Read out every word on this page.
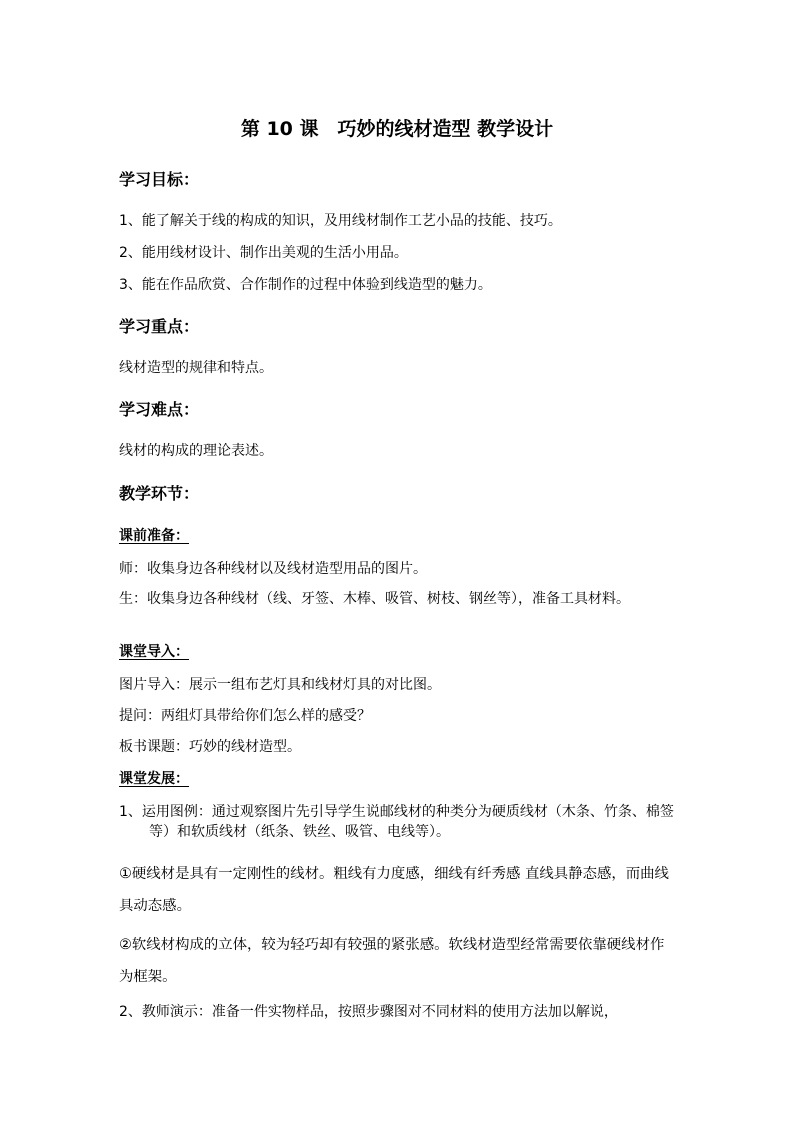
第 10 课　巧妙的线材造型 教学设计
学习目标：
1、能了解关于线的构成的知识，及用线材制作工艺小品的技能、技巧。
2、能用线材设计、制作出美观的生活小用品。
3、能在作品欣赏、合作制作的过程中体验到线造型的魅力。
学习重点：
线材造型的规律和特点。
学习难点：
线材的构成的理论表述。
教学环节：
课前准备：
师：收集身边各种线材以及线材造型用品的图片。
生：收集身边各种线材（线、牙签、木棒、吸管、树枝、钢丝等），准备工具材料。
课堂导入：
图片导入：展示一组布艺灯具和线材灯具的对比图。
提问：两组灯具带给你们怎么样的感受？
板书课题：巧妙的线材造型。
课堂发展：
1、运用图例：通过观察图片先引导学生说邮线材的种类分为硬质线材（木条、竹条、棉签等）和软质线材（纸条、铁丝、吸管、电线等）。
①硬线材是具有一定刚性的线材。粗线有力度感，细线有纤秀感 直线具静态感，而曲线具动态感。
②软线材构成的立体，较为轻巧却有较强的紧张感。软线材造型经常需要依靠硬线材作为框架。
2、教师演示：准备一件实物样品，按照步骤图对不同材料的使用方法加以解说，
